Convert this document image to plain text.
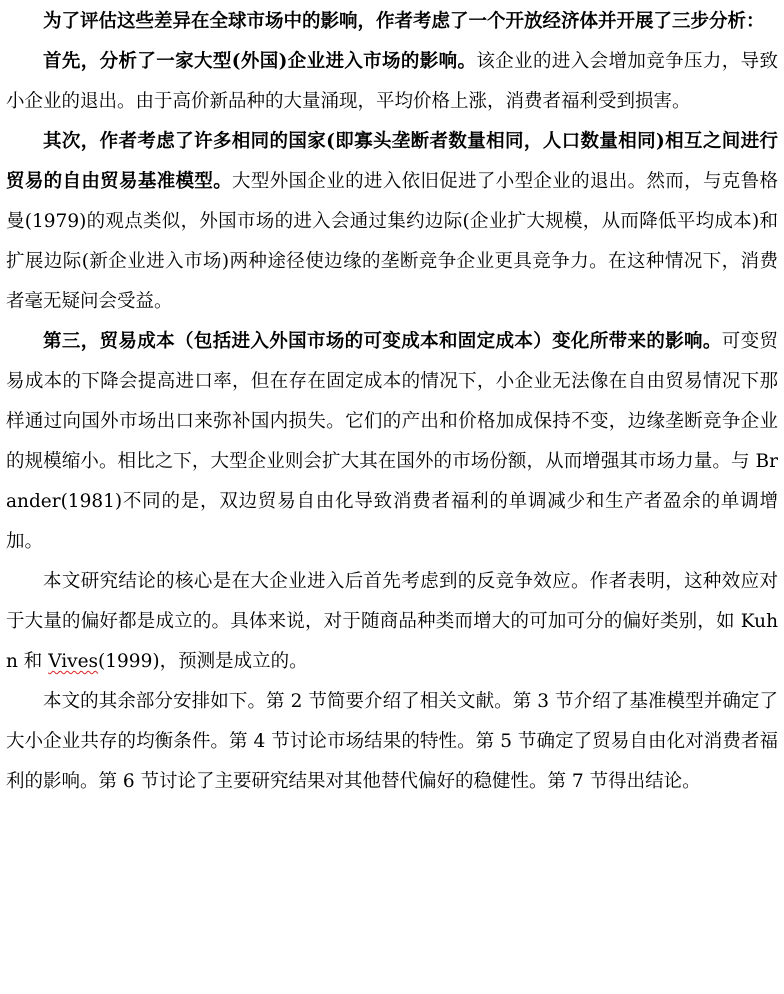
为了评估这些差异在全球市场中的影响，作者考虑了一个开放经济体并开展了三步分析：

首先，分析了一家大型(外国)企业进入市场的影响。该企业的进入会增加竞争压力，导致小企业的退出。由于高价新品种的大量涌现，平均价格上涨，消费者福利受到损害。

其次，作者考虑了许多相同的国家(即寡头垄断者数量相同，人口数量相同)相互之间进行贸易的自由贸易基准模型。大型外国企业的进入依旧促进了小型企业的退出。然而，与克鲁格曼(1979)的观点类似，外国市场的进入会通过集约边际(企业扩大规模，从而降低平均成本)和扩展边际(新企业进入市场)两种途径使边缘的垄断竞争企业更具竞争力。在这种情况下，消费者毫无疑问会受益。

第三，贸易成本（包括进入外国市场的可变成本和固定成本）变化所带来的影响。可变贸易成本的下降会提高进口率，但在存在固定成本的情况下，小企业无法像在自由贸易情况下那样通过向国外市场出口来弥补国内损失。它们的产出和价格加成保持不变，边缘垄断竞争企业的规模缩小。相比之下，大型企业则会扩大其在国外的市场份额，从而增强其市场力量。与 Brander(1981)不同的是，双边贸易自由化导致消费者福利的单调减少和生产者盈余的单调增加。

本文研究结论的核心是在大企业进入后首先考虑到的反竞争效应。作者表明，这种效应对于大量的偏好都是成立的。具体来说，对于随商品种类而增大的可加可分的偏好类别，如 Kuhn 和 Vives(1999)，预测是成立的。

本文的其余部分安排如下。第 2 节简要介绍了相关文献。第 3 节介绍了基准模型并确定了大小企业共存的均衡条件。第 4 节讨论市场结果的特性。第 5 节确定了贸易自由化对消费者福利的影响。第 6 节讨论了主要研究结果对其他替代偏好的稳健性。第 7 节得出结论。
